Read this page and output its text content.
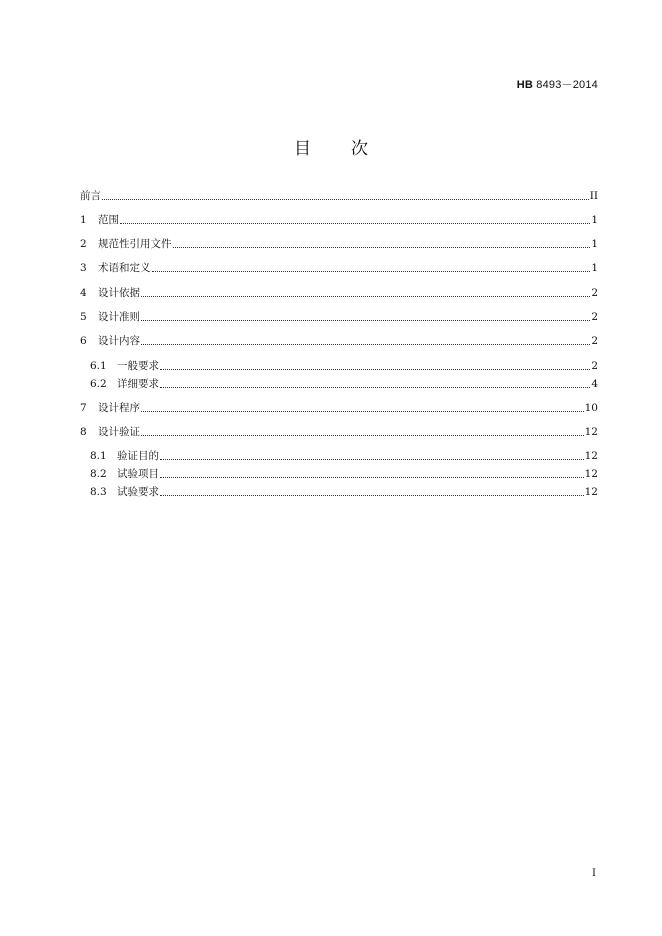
HB 8493－2014
目次
前言	II
1	范围	1
2	规范性引用文件	1
3	术语和定义	1
4	设计依据	2
5	设计准则	2
6	设计内容	2
6.1 一般要求	2
6.2 详细要求	4
7	设计程序	10
8	设计验证	12
8.1 验证目的	12
8.2 试验项目	12
8.3 试验要求	12
I
